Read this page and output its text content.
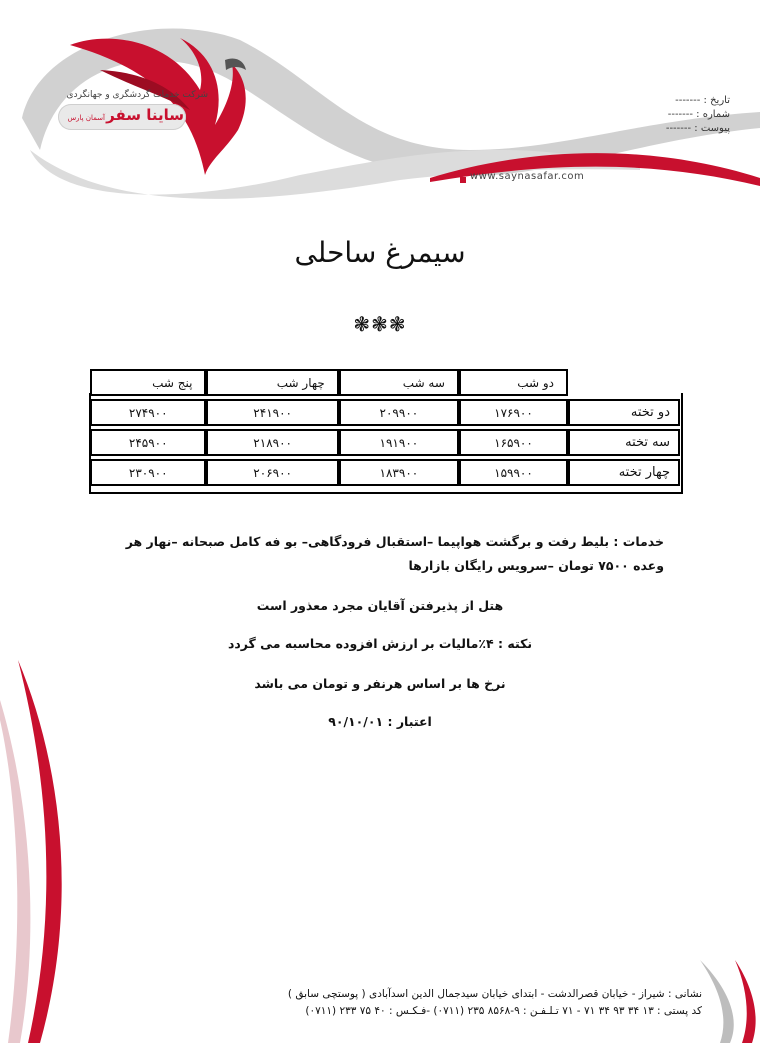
شرکت خدمات گردشگری و جهانگردی
ساینا سفر
آسمان پارس
تاریخ : -------
شماره : -------
پیوست : -------
www.saynasafar.com
سیمرغ ساحلی
❃❃❃
	دو شب	سه شب	چهار شب	پنج شب
دو تخته	۱۷۶۹۰۰	۲۰۹۹۰۰	۲۴۱۹۰۰	۲۷۴۹۰۰
سه تخته	۱۶۵۹۰۰	۱۹۱۹۰۰	۲۱۸۹۰۰	۲۴۵۹۰۰
چهار تخته	۱۵۹۹۰۰	۱۸۳۹۰۰	۲۰۶۹۰۰	۲۳۰۹۰۰
خدمات : بلیط رفت و برگشت هواپیما –استقبال فرودگاهی– بو فه کامل صبحانه –نهار هر وعده ۷۵۰۰ تومان –سرویس رایگان بازارها
هتل از پذیرفتن آقایان مجرد معذور است
نکته : ۴٪مالیات بر ارزش افزوده محاسبه می گردد
نرخ ها بر اساس هرنفر و تومان می باشد
اعتبار : ۹۰/۱۰/۰۱
نشانی : شیراز - خیابان قصرالدشت - ابتدای خیابان سیدجمال الدین اسدآبادی ( پوستچی سابق )
کد پستی : ۱۳ ۳۴ ۹۳ ۳۴ ۷۱ - ۷۱ تـلـفـن : ۹-۸۵۶۸ ۲۳۵ (۰۷۱۱) -فـکـس : ۴۰ ۷۵ ۲۳۳ (۰۷۱۱)
